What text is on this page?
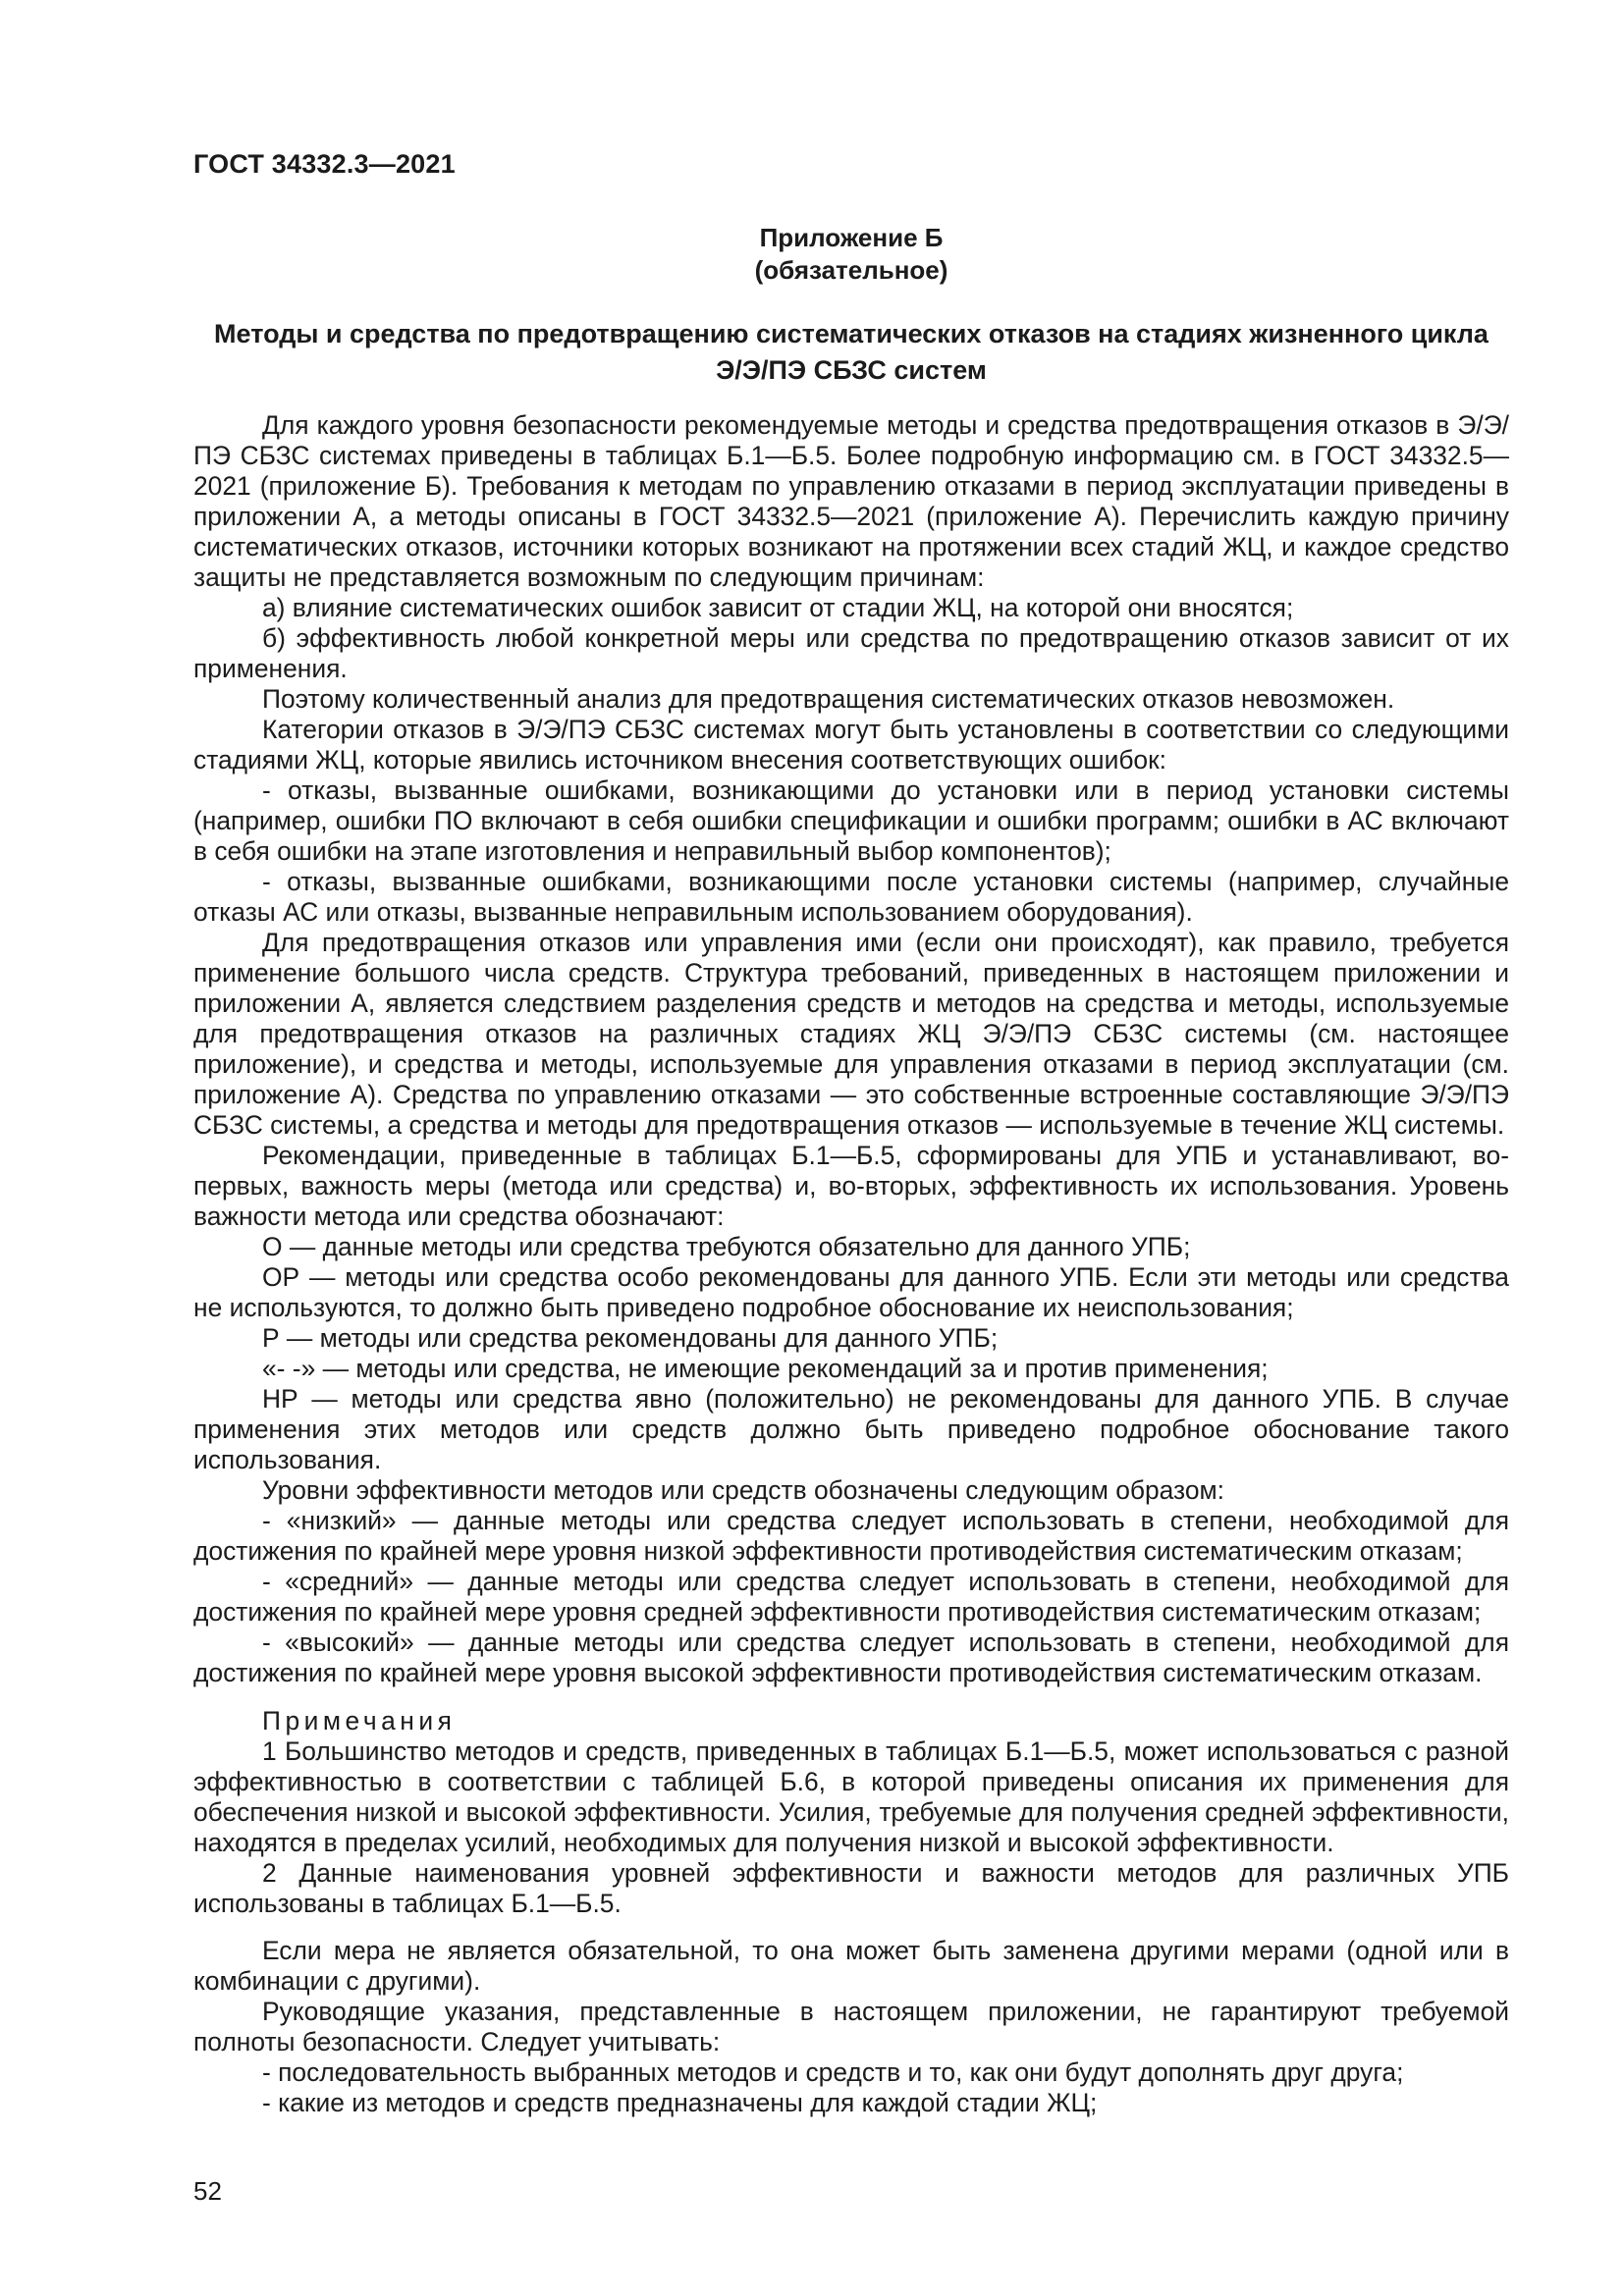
ГОСТ 34332.3—2021
Приложение Б
(обязательное)
Методы и средства по предотвращению систематических отказов на стадиях жизненного цикла
Э/Э/ПЭ СБЗС систем

Для каждого уровня безопасности рекомендуемые методы и средства предотвращения отказов в Э/Э/ПЭ СБЗС системах приведены в таблицах Б.1—Б.5. Более подробную информацию см. в ГОСТ 34332.5—2021 (приложение Б). Требования к методам по управлению отказами в период эксплуатации приведены в приложении А, а методы описаны в ГОСТ 34332.5—2021 (приложение А). Перечислить каждую причину систематических отказов, источники которых возникают на протяжении всех стадий ЖЦ, и каждое средство защиты не представляется возможным по следующим причинам:

а) влияние систематических ошибок зависит от стадии ЖЦ, на которой они вносятся;

б) эффективность любой конкретной меры или средства по предотвращению отказов зависит от их применения.

Поэтому количественный анализ для предотвращения систематических отказов невозможен.

Категории отказов в Э/Э/ПЭ СБЗС системах могут быть установлены в соответствии со следующими стадиями ЖЦ, которые явились источником внесения соответствующих ошибок:

- отказы, вызванные ошибками, возникающими до установки или в период установки системы (например, ошибки ПО включают в себя ошибки спецификации и ошибки программ; ошибки в АС включают в себя ошибки на этапе изготовления и неправильный выбор компонентов);

- отказы, вызванные ошибками, возникающими после установки системы (например, случайные отказы АС или отказы, вызванные неправильным использованием оборудования).

Для предотвращения отказов или управления ими (если они происходят), как правило, требуется применение большого числа средств. Структура требований, приведенных в настоящем приложении и приложении А, является следствием разделения средств и методов на средства и методы, используемые для предотвращения отказов на различных стадиях ЖЦ Э/Э/ПЭ СБЗС системы (см. настоящее приложение), и средства и методы, используемые для управления отказами в период эксплуатации (см. приложение А). Средства по управлению отказами — это собственные встроенные составляющие Э/Э/ПЭ СБЗС системы, а средства и методы для предотвращения отказов — используемые в течение ЖЦ системы.

Рекомендации, приведенные в таблицах Б.1—Б.5, сформированы для УПБ и устанавливают, во-первых, важность меры (метода или средства) и, во-вторых, эффективность их использования. Уровень важности метода или средства обозначают:

О — данные методы или средства требуются обязательно для данного УПБ;

ОР — методы или средства особо рекомендованы для данного УПБ. Если эти методы или средства не используются, то должно быть приведено подробное обоснование их неиспользования;

Р — методы или средства рекомендованы для данного УПБ;

«- -» — методы или средства, не имеющие рекомендаций за и против применения;

НР — методы или средства явно (положительно) не рекомендованы для данного УПБ. В случае применения этих методов или средств должно быть приведено подробное обоснование такого использования.

Уровни эффективности методов или средств обозначены следующим образом:

- «низкий» — данные методы или средства следует использовать в степени, необходимой для достижения по крайней мере уровня низкой эффективности противодействия систематическим отказам;

- «средний» — данные методы или средства следует использовать в степени, необходимой для достижения по крайней мере уровня средней эффективности противодействия систематическим отказам;

- «высокий» — данные методы или средства следует использовать в степени, необходимой для достижения по крайней мере уровня высокой эффективности противодействия систематическим отказам.

Примечания

1 Большинство методов и средств, приведенных в таблицах Б.1—Б.5, может использоваться с разной эффективностью в соответствии с таблицей Б.6, в которой приведены описания их применения для обеспечения низкой и высокой эффективности. Усилия, требуемые для получения средней эффективности, находятся в пределах усилий, необходимых для получения низкой и высокой эффективности.

2 Данные наименования уровней эффективности и важности методов для различных УПБ использованы в таблицах Б.1—Б.5.

Если мера не является обязательной, то она может быть заменена другими мерами (одной или в комбинации с другими).

Руководящие указания, представленные в настоящем приложении, не гарантируют требуемой полноты безопасности. Следует учитывать:

- последовательность выбранных методов и средств и то, как они будут дополнять друг друга;

- какие из методов и средств предназначены для каждой стадии ЖЦ;

52
